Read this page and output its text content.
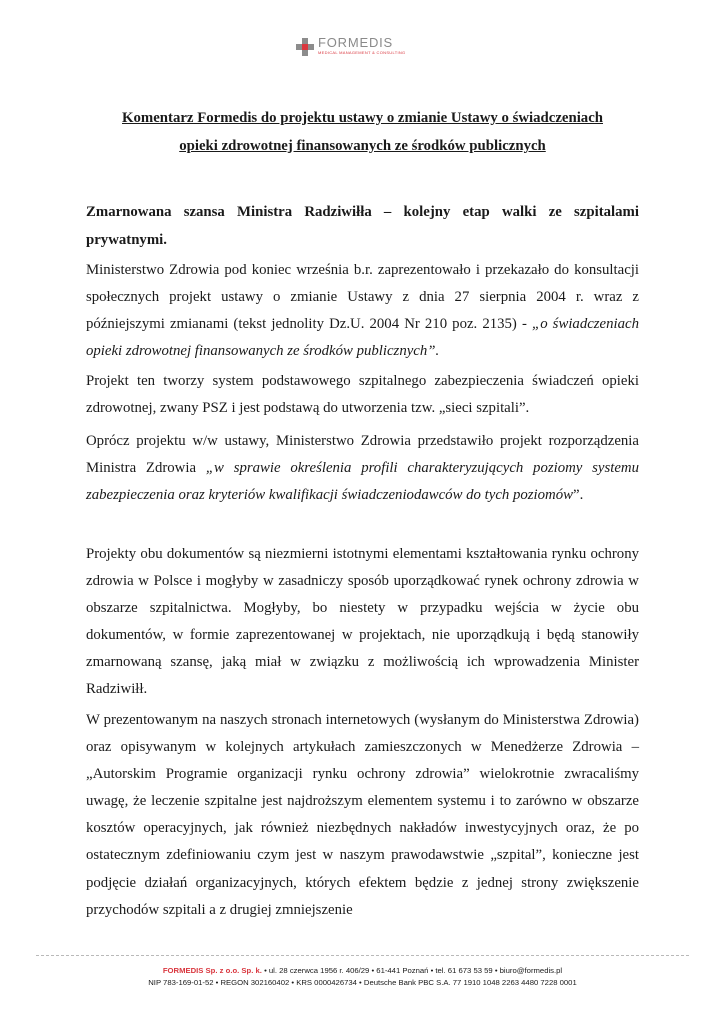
FORMEDIS
MEDICAL MANAGEMENT & CONSULTING
Komentarz Formedis do projektu ustawy o zmianie Ustawy o świadczeniach
opieki zdrowotnej finansowanych ze środków publicznych
Zmarnowana szansa Ministra Radziwiłła – kolejny etap walki ze szpitalami prywatnymi.

Ministerstwo Zdrowia pod koniec września b.r. zaprezentowało i przekazało do konsultacji społecznych projekt ustawy o zmianie Ustawy z dnia 27 sierpnia 2004 r. wraz z późniejszymi zmianami (tekst jednolity Dz.U. 2004 Nr 210 poz. 2135) - „o świadczeniach opieki zdrowotnej finansowanych ze środków publicznych”.

Projekt ten tworzy system podstawowego szpitalnego zabezpieczenia świadczeń opieki zdrowotnej, zwany PSZ i jest podstawą do utworzenia tzw. „sieci szpitali”.

Oprócz projektu w/w ustawy, Ministerstwo Zdrowia przedstawiło projekt rozporządzenia Ministra Zdrowia „w sprawie określenia profili charakteryzujących poziomy systemu zabezpieczenia oraz kryteriów kwalifikacji świadczeniodawców do tych poziomów”.

Projekty obu dokumentów są niezmierni istotnymi elementami kształtowania rynku ochrony zdrowia w Polsce i mogłyby w zasadniczy sposób uporządkować rynek ochrony zdrowia w obszarze szpitalnictwa. Mogłyby, bo niestety w przypadku wejścia w życie obu dokumentów, w formie zaprezentowanej w projektach, nie uporządkują i będą stanowiły zmarnowaną szansę, jaką miał w związku z możliwością ich wprowadzenia Minister Radziwiłł.

W prezentowanym na naszych stronach internetowych (wysłanym do Ministerstwa Zdrowia) oraz opisywanym w kolejnych artykułach zamieszczonych w Menedżerze Zdrowia – „Autorskim Programie organizacji rynku ochrony zdrowia” wielokrotnie zwracaliśmy uwagę, że leczenie szpitalne jest najdroższym elementem systemu i to zarówno w obszarze kosztów operacyjnych, jak również niezbędnych nakładów inwestycyjnych oraz, że po ostatecznym zdefiniowaniu czym jest w naszym prawodawstwie „szpital”, konieczne jest podjęcie działań organizacyjnych, których efektem będzie z jednej strony zwiększenie przychodów szpitali a z drugiej zmniejszenie

FORMEDIS Sp. z o.o. Sp. k. • ul. 28 czerwca 1956 r. 406/29 • 61-441 Poznań • tel. 61 673 53 59 • biuro@formedis.pl
NIP 783-169-01-52 • REGON 302160402 • KRS 0000426734 • Deutsche Bank PBC S.A. 77 1910 1048 2263 4480 7228 0001
